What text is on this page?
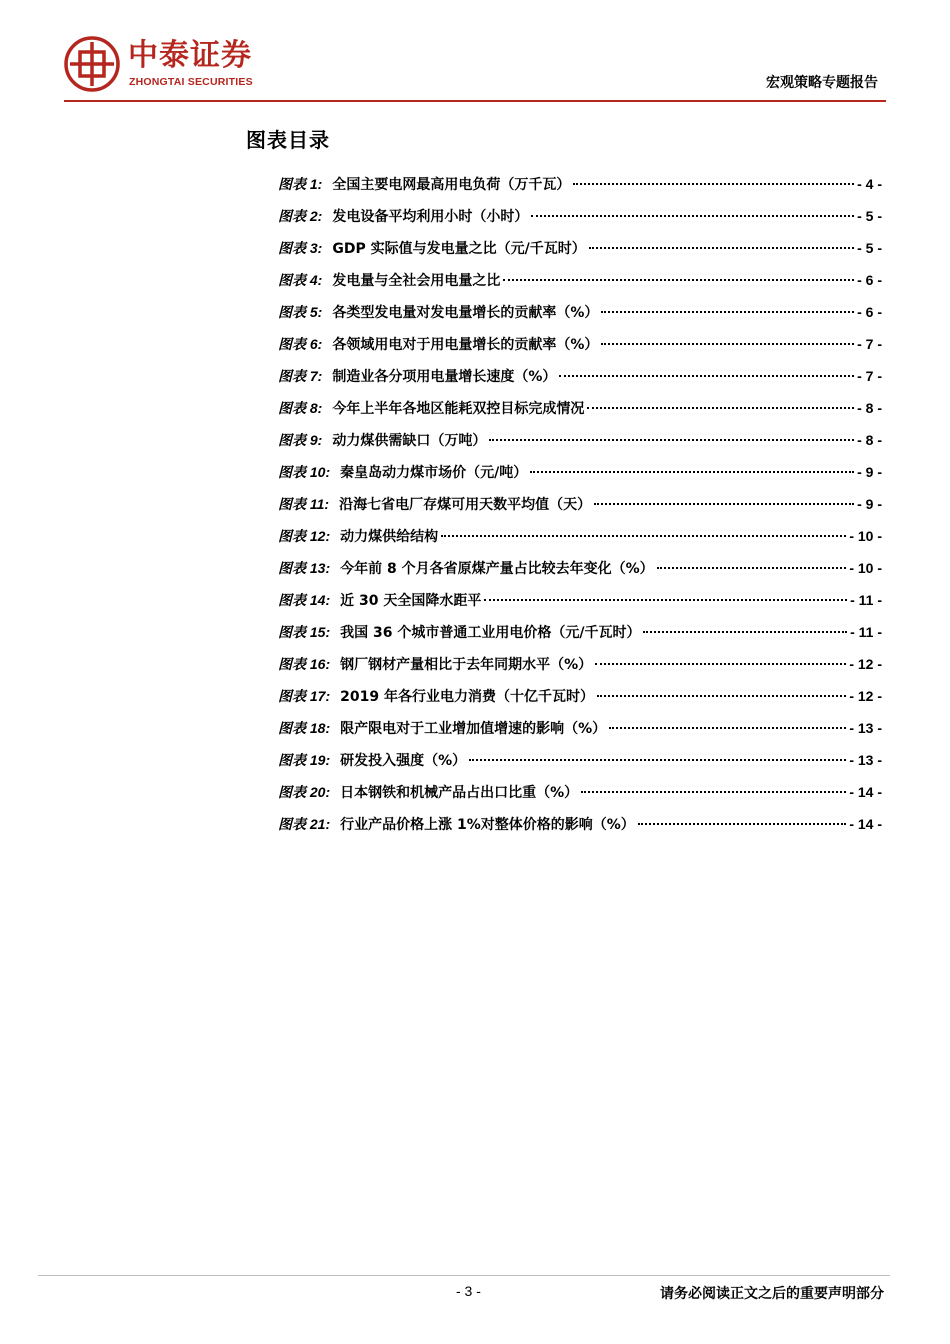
中泰证券
ZHONGTAI SECURITIES	宏观策略专题报告
图表目录
图表 1: 全国主要电网最高用电负荷（万千瓦）	- 4 -
图表 2: 发电设备平均利用小时（小时）	- 5 -
图表 3: GDP 实际值与发电量之比（元/千瓦时）	- 5 -
图表 4: 发电量与全社会用电量之比	- 6 -
图表 5: 各类型发电量对发电量增长的贡献率（%）	- 6 -
图表 6: 各领域用电对于用电量增长的贡献率（%）	- 7 -
图表 7: 制造业各分项用电量增长速度（%）	- 7 -
图表 8: 今年上半年各地区能耗双控目标完成情况	- 8 -
图表 9: 动力煤供需缺口（万吨）	- 8 -
图表 10: 秦皇岛动力煤市场价（元/吨）	- 9 -
图表 11: 沿海七省电厂存煤可用天数平均值（天）	- 9 -
图表 12: 动力煤供给结构	- 10 -
图表 13: 今年前 8 个月各省原煤产量占比较去年变化（%）	- 10 -
图表 14: 近 30 天全国降水距平	- 11 -
图表 15: 我国 36 个城市普通工业用电价格（元/千瓦时）	- 11 -
图表 16: 钢厂钢材产量相比于去年同期水平（%）	- 12 -
图表 17: 2019 年各行业电力消费（十亿千瓦时）	- 12 -
图表 18: 限产限电对于工业增加值增速的影响（%）	- 13 -
图表 19: 研发投入强度（%）	- 13 -
图表 20: 日本钢铁和机械产品占出口比重（%）	- 14 -
图表 21: 行业产品价格上涨 1%对整体价格的影响（%）	- 14 -
- 3 -	请务必阅读正文之后的重要声明部分
